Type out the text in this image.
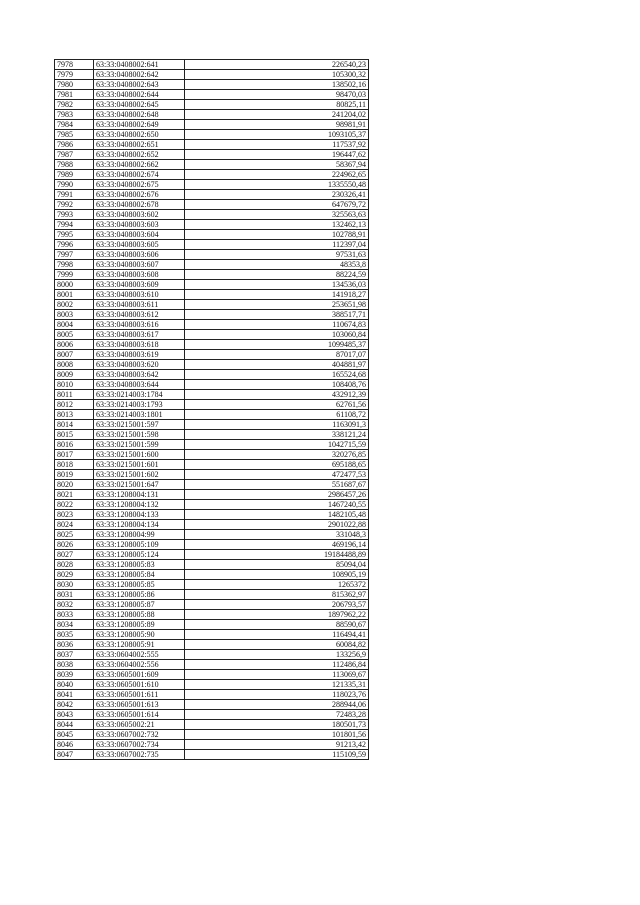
7978	63:33:0408002:641	226540,23
7979	63:33:0408002:642	105300,32
7980	63:33:0408002:643	138502,16
7981	63:33:0408002:644	98470,03
7982	63:33:0408002:645	80825,11
7983	63:33:0408002:648	241204,02
7984	63:33:0408002:649	98981,91
7985	63:33:0408002:650	1093105,37
7986	63:33:0408002:651	117537,92
7987	63:33:0408002:652	196447,62
7988	63:33:0408002:662	58367,94
7989	63:33:0408002:674	224962,65
7990	63:33:0408002:675	1335550,48
7991	63:33:0408002:676	230326,41
7992	63:33:0408002:678	647679,72
7993	63:33:0408003:602	325563,63
7994	63:33:0408003:603	132462,13
7995	63:33:0408003:604	102788,91
7996	63:33:0408003:605	112397,04
7997	63:33:0408003:606	97531,63
7998	63:33:0408003:607	48353,8
7999	63:33:0408003:608	88224,59
8000	63:33:0408003:609	134536,03
8001	63:33:0408003:610	141918,27
8002	63:33:0408003:611	253651,98
8003	63:33:0408003:612	388517,71
8004	63:33:0408003:616	110674,83
8005	63:33:0408003:617	103060,84
8006	63:33:0408003:618	1099485,37
8007	63:33:0408003:619	87017,07
8008	63:33:0408003:620	404881,97
8009	63:33:0408003:642	165524,68
8010	63:33:0408003:644	108408,76
8011	63:33:0214003:1784	432912,39
8012	63:33:0214003:1793	62761,56
8013	63:33:0214003:1801	61108,72
8014	63:33:0215001:597	1163091,3
8015	63:33:0215001:598	338121,24
8016	63:33:0215001:599	1042715,59
8017	63:33:0215001:600	320276,85
8018	63:33:0215001:601	695188,65
8019	63:33:0215001:602	472477,53
8020	63:33:0215001:647	551687,67
8021	63:33:1208004:131	2986457,26
8022	63:33:1208004:132	1467240,55
8023	63:33:1208004:133	1482105,48
8024	63:33:1208004:134	2901022,88
8025	63:33:1208004:99	331048,3
8026	63:33:1208005:109	469196,14
8027	63:33:1208005:124	19184488,89
8028	63:33:1208005:83	85094,04
8029	63:33:1208005:84	108905,19
8030	63:33:1208005:85	1265372
8031	63:33:1208005:86	815362,97
8032	63:33:1208005:87	206793,57
8033	63:33:1208005:88	1897962,22
8034	63:33:1208005:89	88590,67
8035	63:33:1208005:90	116494,41
8036	63:33:1208005:91	60084,82
8037	63:33:0604002:555	133256,9
8038	63:33:0604002:556	112486,84
8039	63:33:0605001:609	113069,67
8040	63:33:0605001:610	121335,31
8041	63:33:0605001:611	118023,76
8042	63:33:0605001:613	288944,06
8043	63:33:0605001:614	72483,28
8044	63:33:0605002:21	180501,73
8045	63:33:0607002:732	101801,56
8046	63:33:0607002:734	91213,42
8047	63:33:0607002:735	115109,59
